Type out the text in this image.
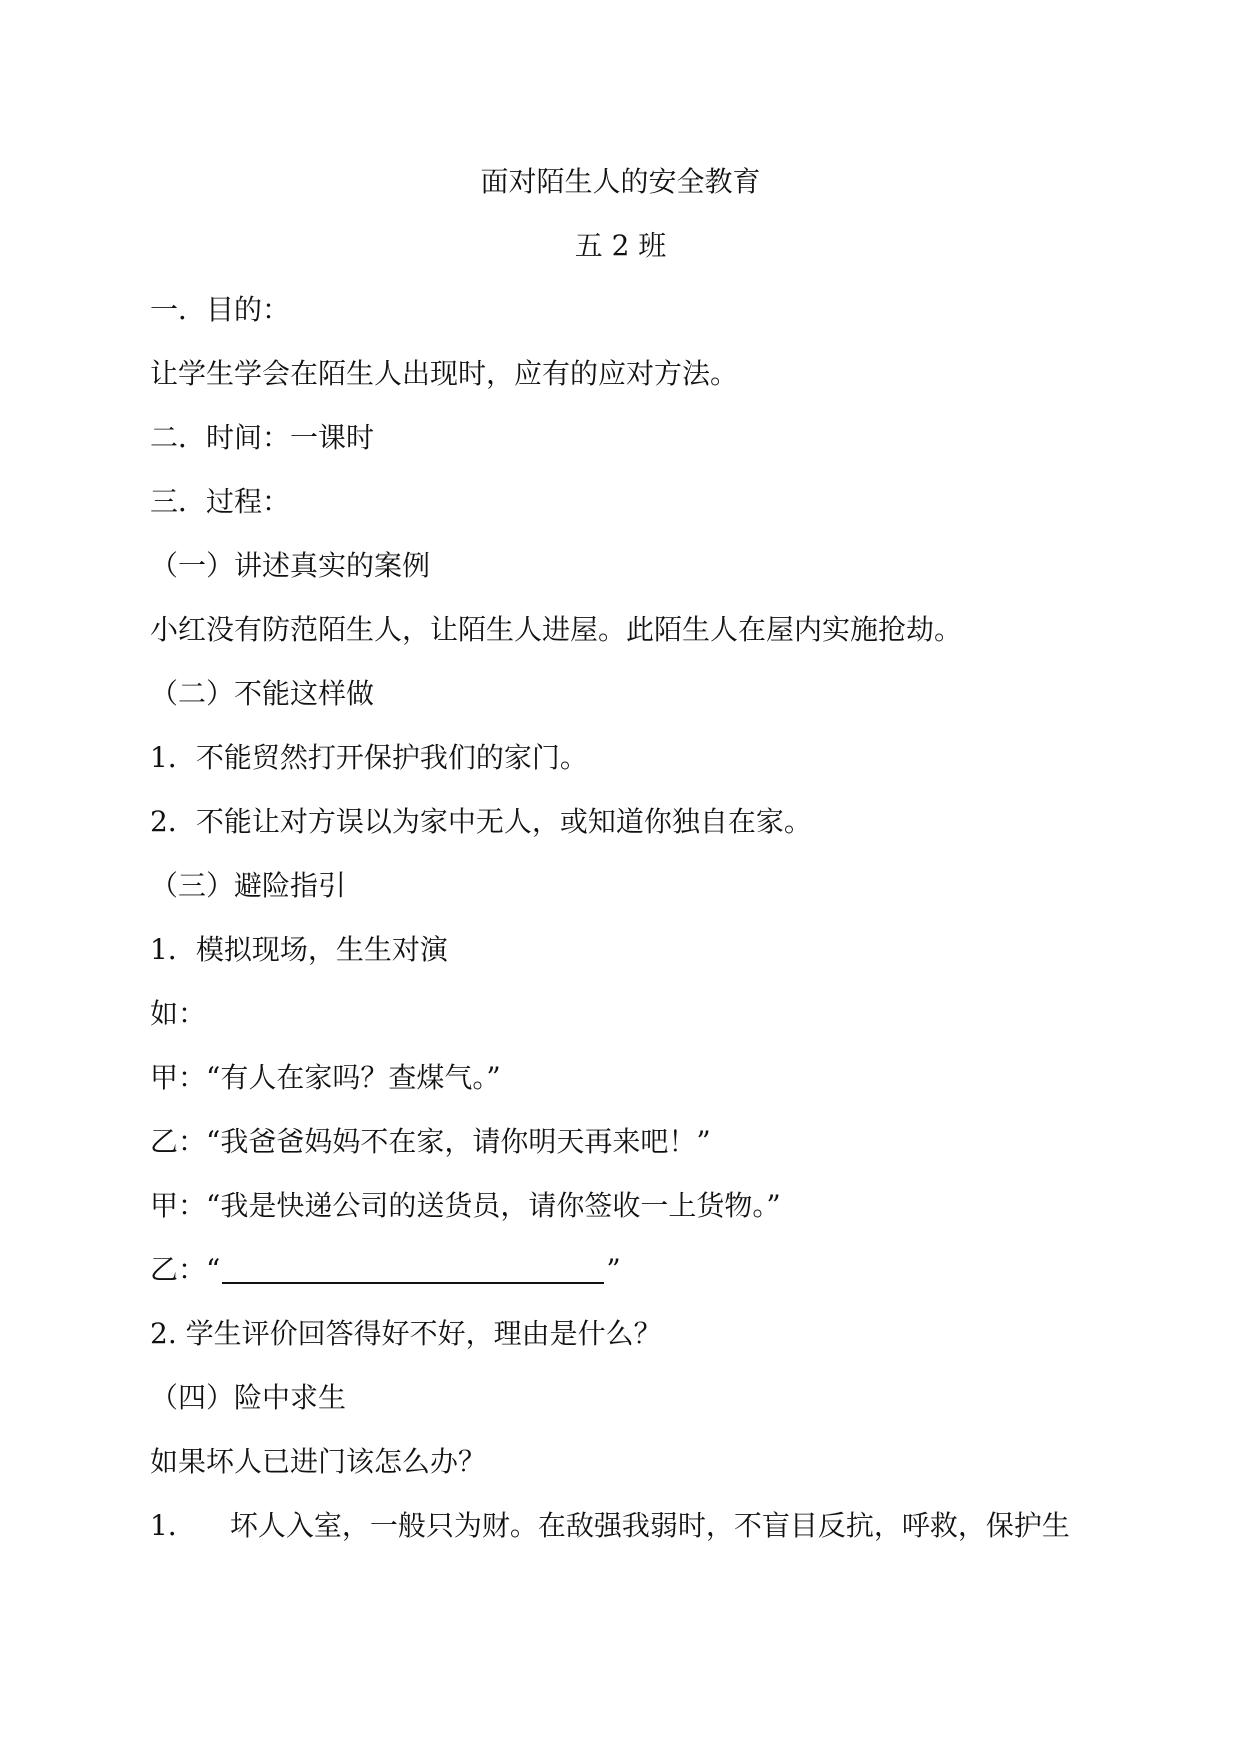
面对陌生人的安全教育
五 2 班
一．目的：
让学生学会在陌生人出现时，应有的应对方法。
二．时间：一课时
三．过程：
（一）讲述真实的案例
小红没有防范陌生人，让陌生人进屋。此陌生人在屋内实施抢劫。
（二）不能这样做
1．不能贸然打开保护我们的家门。
2．不能让对方误以为家中无人，或知道你独自在家。
（三）避险指引
1．模拟现场，生生对演
如：
甲：“有人在家吗？查煤气。”
乙：“我爸爸妈妈不在家，请你明天再来吧！”
甲：“我是快递公司的送货员，请你签收一上货物。”
乙：“	”
2. 学生评价回答得好不好，理由是什么？
（四）险中求生
如果坏人已进门该怎么办？
1． 坏人入室，一般只为财。在敌强我弱时，不盲目反抗，呼救，保护生
